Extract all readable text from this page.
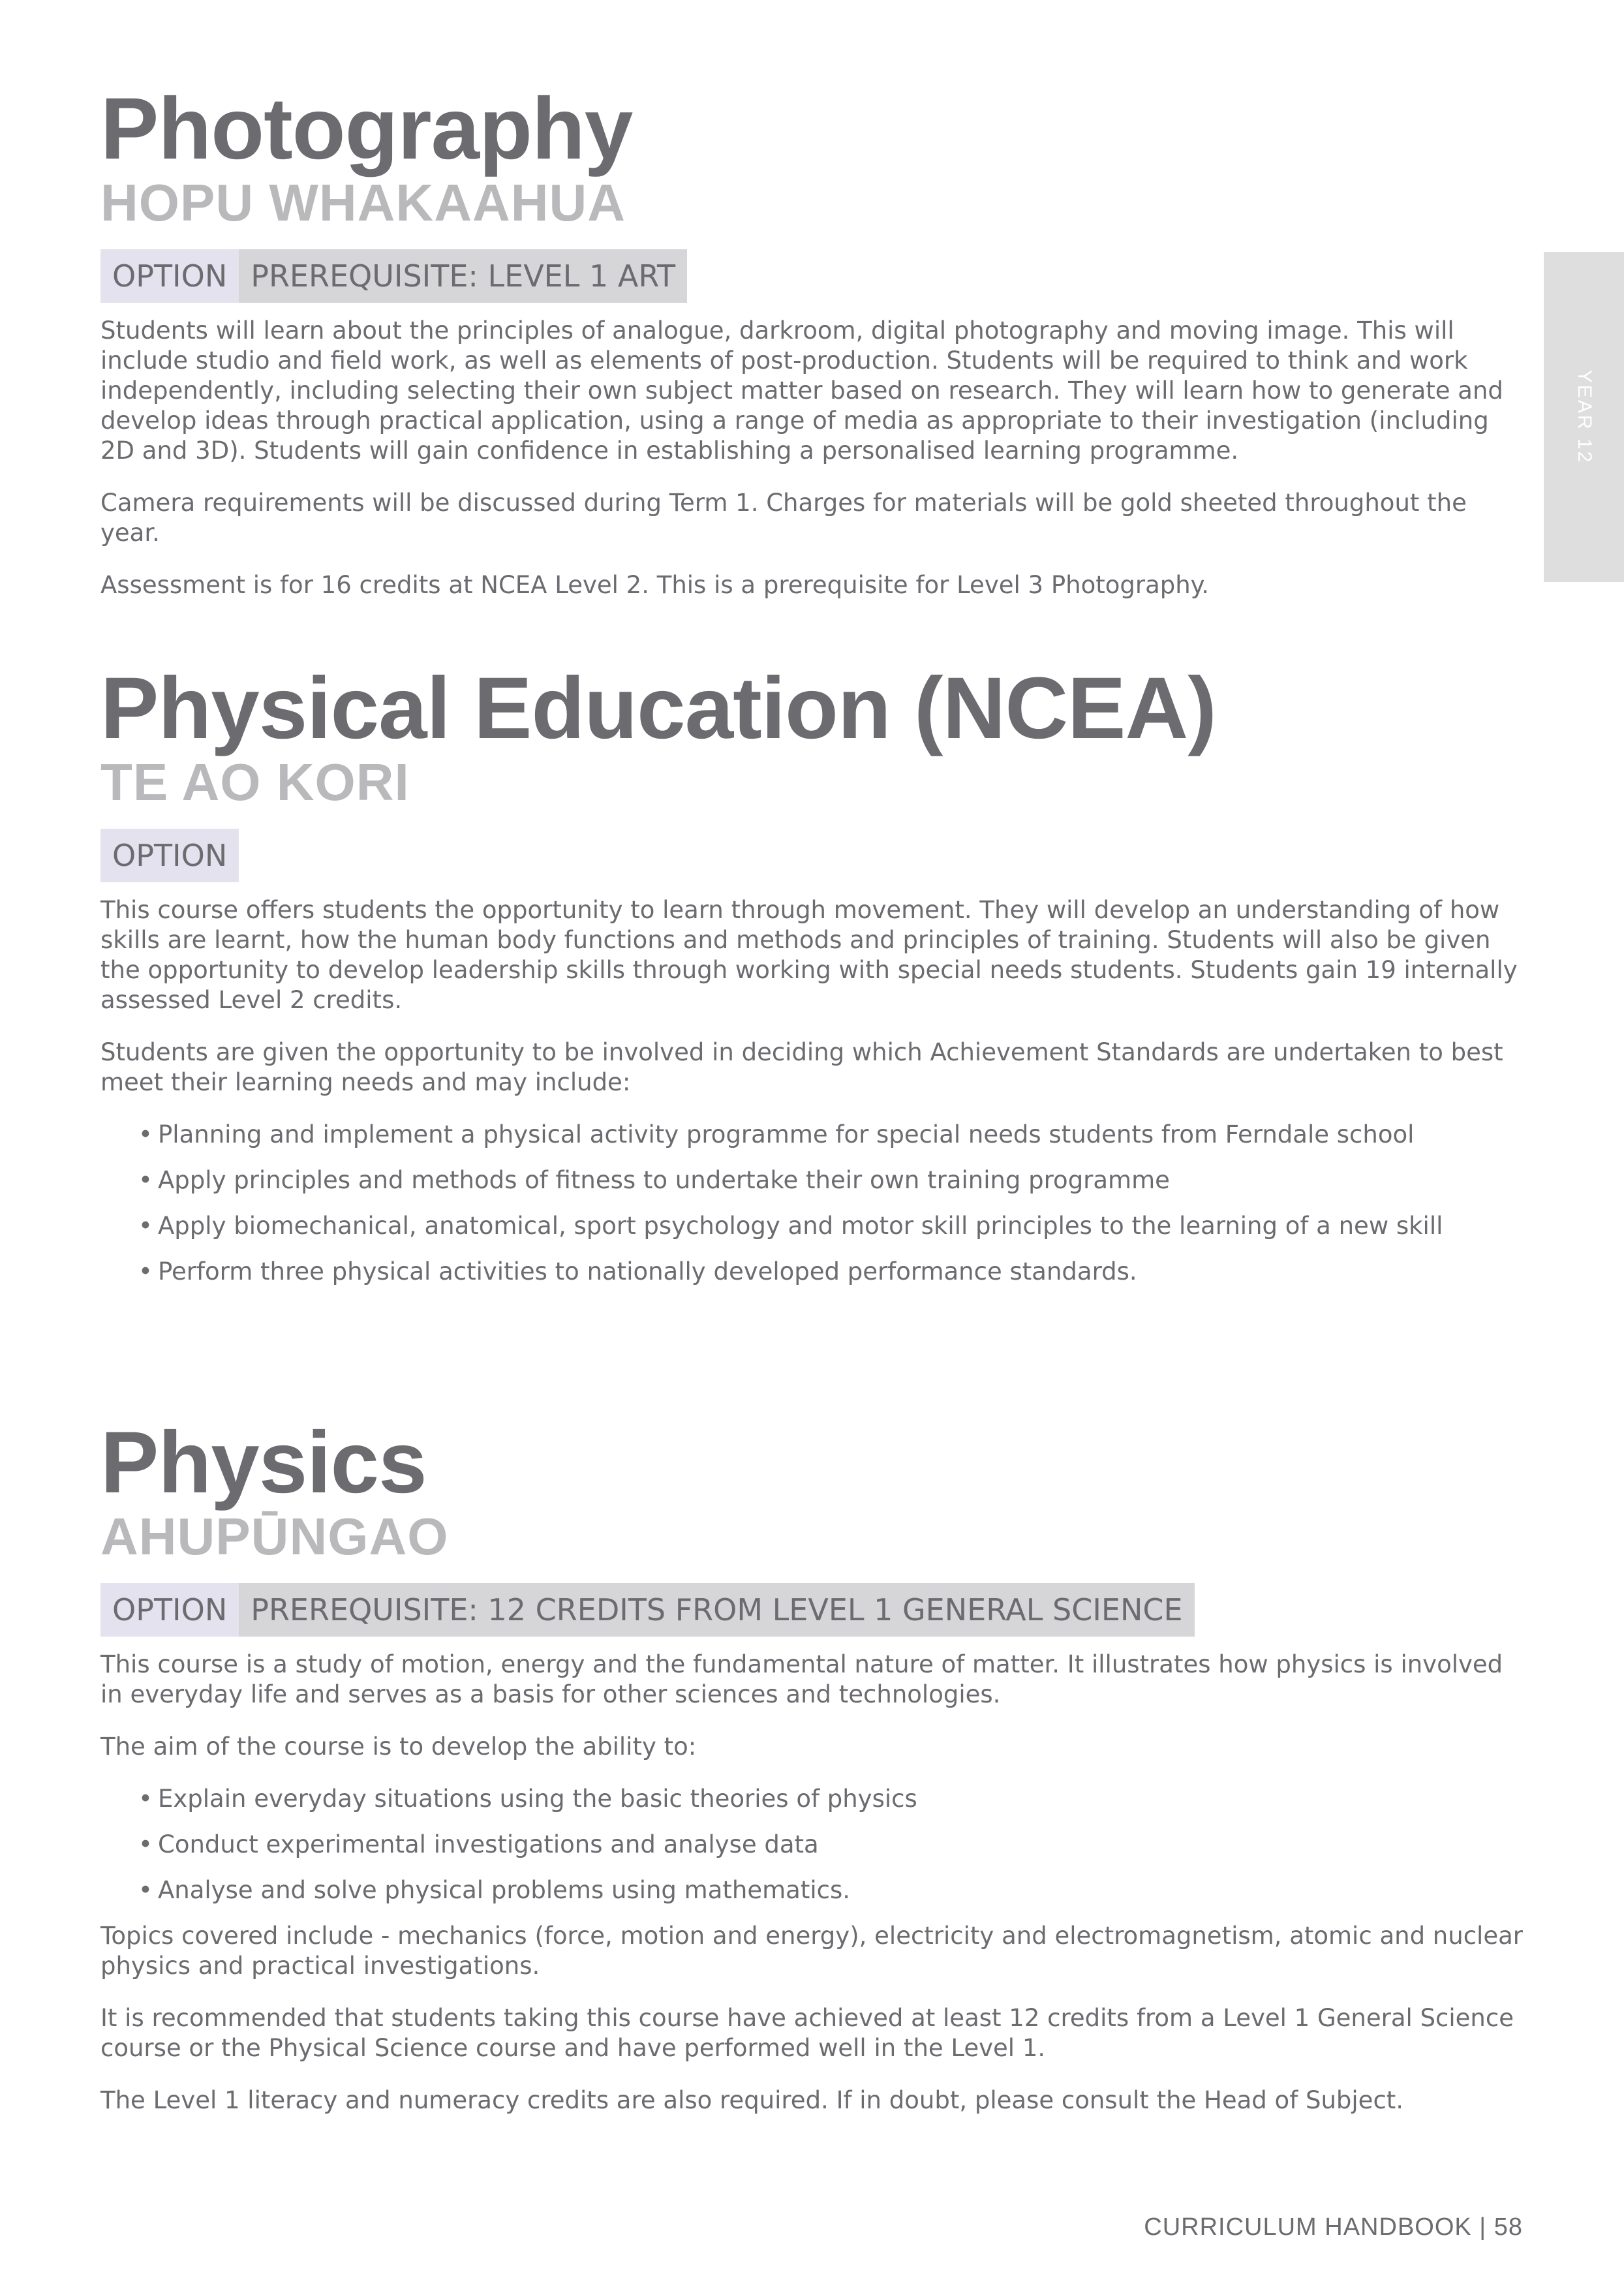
Photography
HOPU WHAKAAHUA
OPTION PREREQUISITE: LEVEL 1 ART

Students will learn about the principles of analogue, darkroom, digital photography and moving image. This will include studio and field work, as well as elements of post-production. Students will be required to think and work independently, including selecting their own subject matter based on research. They will learn how to generate and develop ideas through practical application, using a range of media as appropriate to their investigation (including 2D and 3D). Students will gain confidence in establishing a personalised learning programme.

Camera requirements will be discussed during Term 1. Charges for materials will be gold sheeted throughout the year.

Assessment is for 16 credits at NCEA Level 2. This is a prerequisite for Level 3 Photography.

Physical Education (NCEA)
TE AO KORI
OPTION

This course offers students the opportunity to learn through movement. They will develop an understanding of how skills are learnt, how the human body functions and methods and principles of training. Students will also be given the opportunity to develop leadership skills through working with special needs students. Students gain 19 internally assessed Level 2 credits.

Students are given the opportunity to be involved in deciding which Achievement Standards are undertaken to best meet their learning needs and may include:

• Planning and implement a physical activity programme for special needs students from Ferndale school
• Apply principles and methods of fitness to undertake their own training programme
• Apply biomechanical, anatomical, sport psychology and motor skill principles to the learning of a new skill
• Perform three physical activities to nationally developed performance standards.
Physics
AHUPŪNGAO
OPTION PREREQUISITE: 12 CREDITS FROM LEVEL 1 GENERAL SCIENCE

This course is a study of motion, energy and the fundamental nature of matter. It illustrates how physics is involved in everyday life and serves as a basis for other sciences and technologies.

The aim of the course is to develop the ability to:

• Explain everyday situations using the basic theories of physics
• Conduct experimental investigations and analyse data
• Analyse and solve physical problems using mathematics.

Topics covered include - mechanics (force, motion and energy), electricity and electromagnetism, atomic and nuclear physics and practical investigations.

It is recommended that students taking this course have achieved at least 12 credits from a Level 1 General Science course or the Physical Science course and have performed well in the Level 1.

The Level 1 literacy and numeracy credits are also required. If in doubt, please consult the Head of Subject.

YEAR 12
CURRICULUM HANDBOOK | 58
